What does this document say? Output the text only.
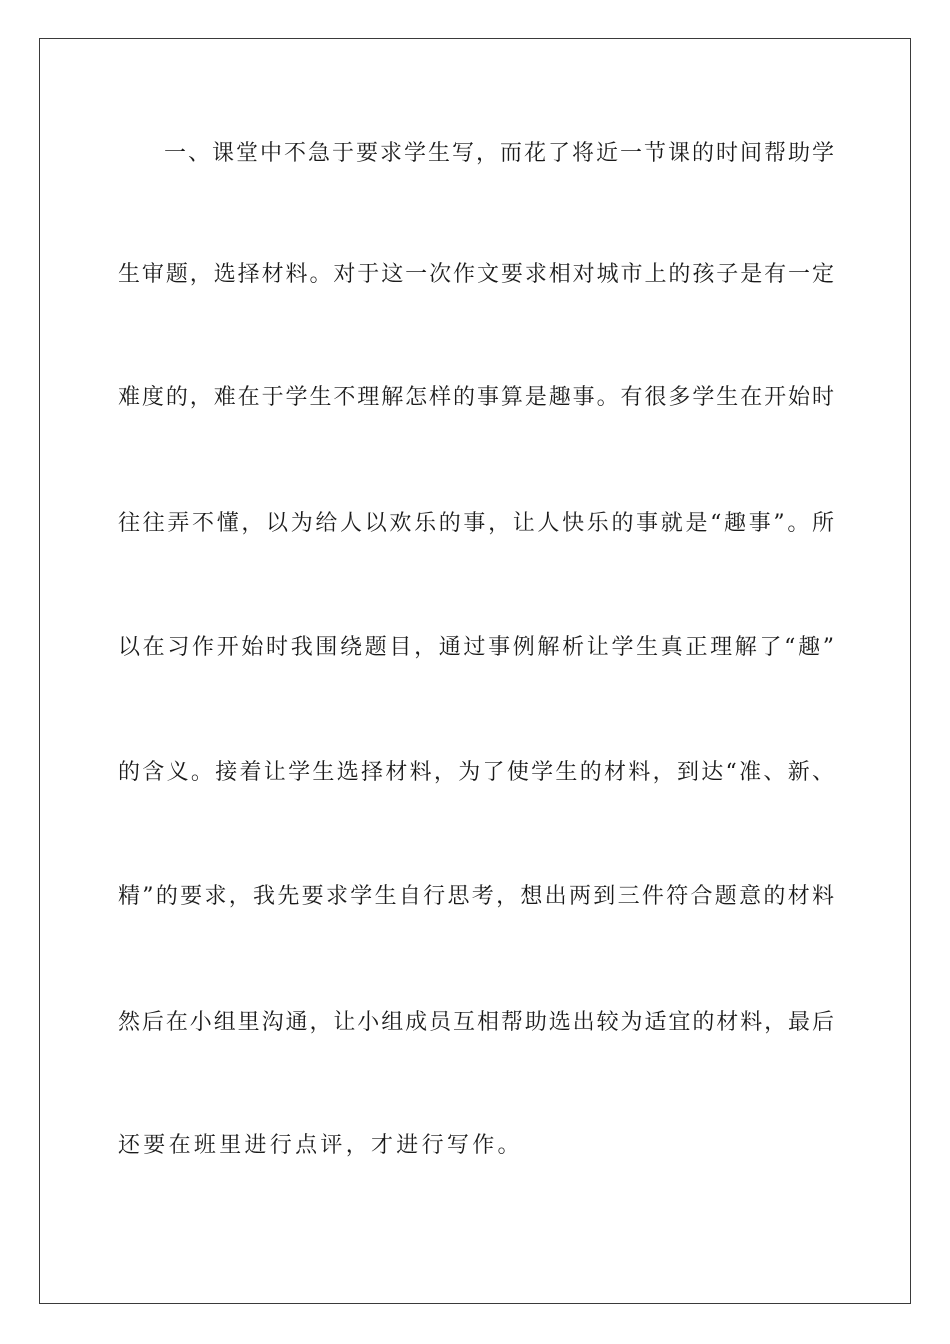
一、课堂中不急于要求学生写，而花了将近一节课的时间帮助学
生审题，选择材料。对于这一次作文要求相对城市上的孩子是有一定
难度的，难在于学生不理解怎样的事算是趣事。有很多学生在开始时
往往弄不懂，以为给人以欢乐的事，让人快乐的事就是“趣事”。所
以在习作开始时我围绕题目，通过事例解析让学生真正理解了“趣”
的含义。接着让学生选择材料，为了使学生的材料，到达“准、新、
精”的要求，我先要求学生自行思考，想出两到三件符合题意的材料
然后在小组里沟通，让小组成员互相帮助选出较为适宜的材料，最后
还要在班里进行点评，才进行写作。
